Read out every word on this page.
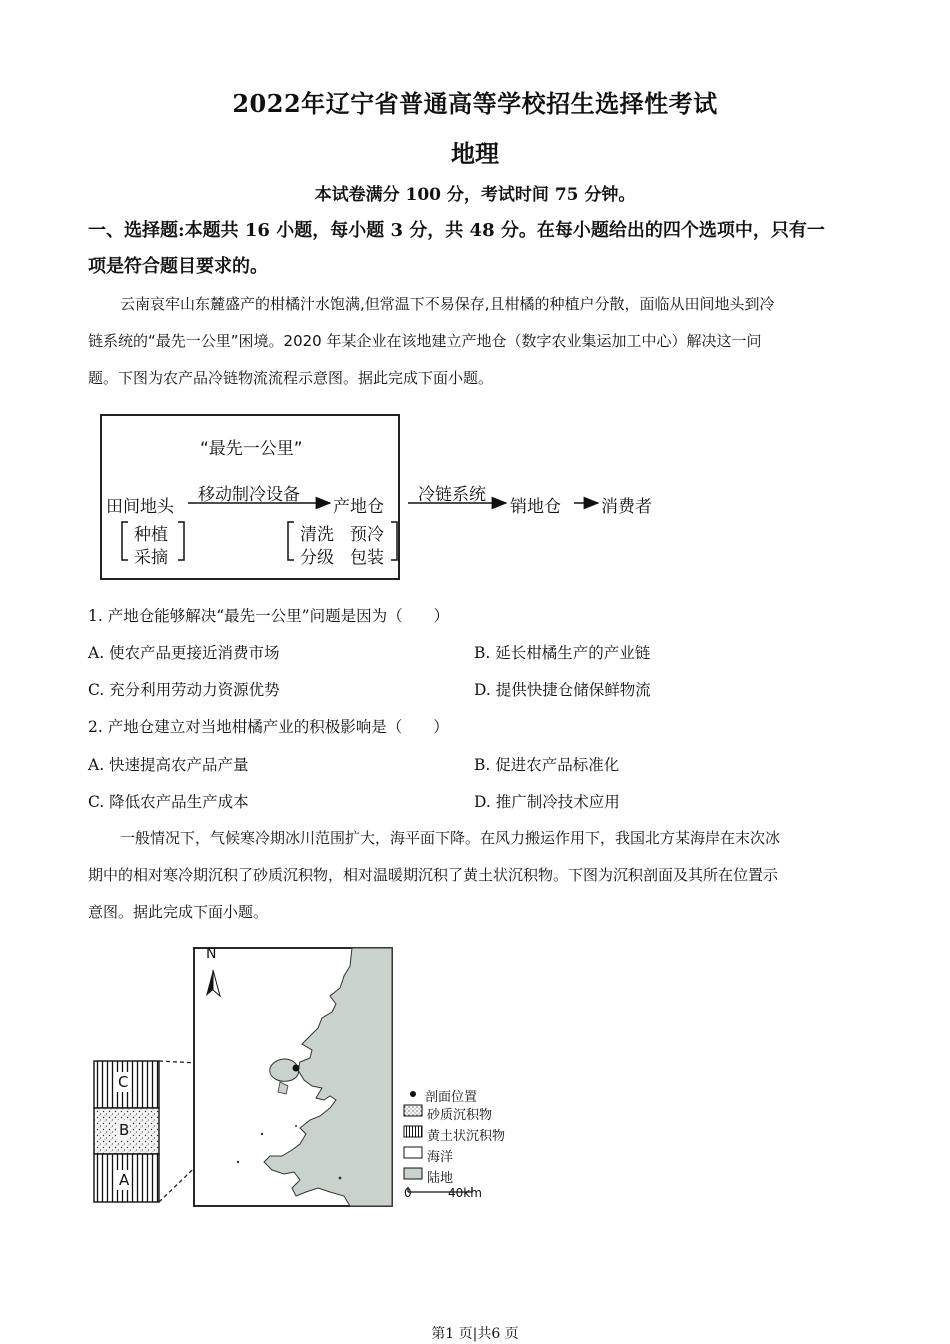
2022年辽宁省普通高等学校招生选择性考试
地理
本试卷满分 100 分，考试时间 75 分钟。
一、选择题:本题共 16 小题，每小题 3 分，共 48 分。在每小题给出的四个选项中，只有一
项是符合题目要求的。
云南哀牢山东麓盛产的柑橘汁水饱满,但常温下不易保存,且柑橘的种植户分散，面临从田间地头到冷
链系统的“最先一公里”困境。2020 年某企业在该地建立产地仓（数字农业集运加工中心）解决这一问
题。下图为农产品冷链物流流程示意图。据此完成下面小题。
“最先一公里”
田间地头
移动制冷设备
产地仓
冷链系统
销地仓 消费者
种植
采摘
清洗
分级
预冷
包装
1. 产地仓能够解决“最先一公里”问题是因为（　　）
A. 使农产品更接近消费市场	B. 延长柑橘生产的产业链
C. 充分利用劳动力资源优势	D. 提供快捷仓储保鲜物流
2. 产地仓建立对当地柑橘产业的积极影响是（　　）
A. 快速提高农产品产量	B. 促进农产品标准化
C. 降低农产品生产成本	D. 推广制冷技术应用
一般情况下，气候寒冷期冰川范围扩大，海平面下降。在风力搬运作用下，我国北方某海岸在末次冰
期中的相对寒冷期沉积了砂质沉积物，相对温暖期沉积了黄土状沉积物。下图为沉积剖面及其所在位置示
意图。据此完成下面小题。
N
C
B
A
剖面位置
砂质沉积物
黄土状沉积物
海洋
陆地
0	40km
第1 页|共6 页
